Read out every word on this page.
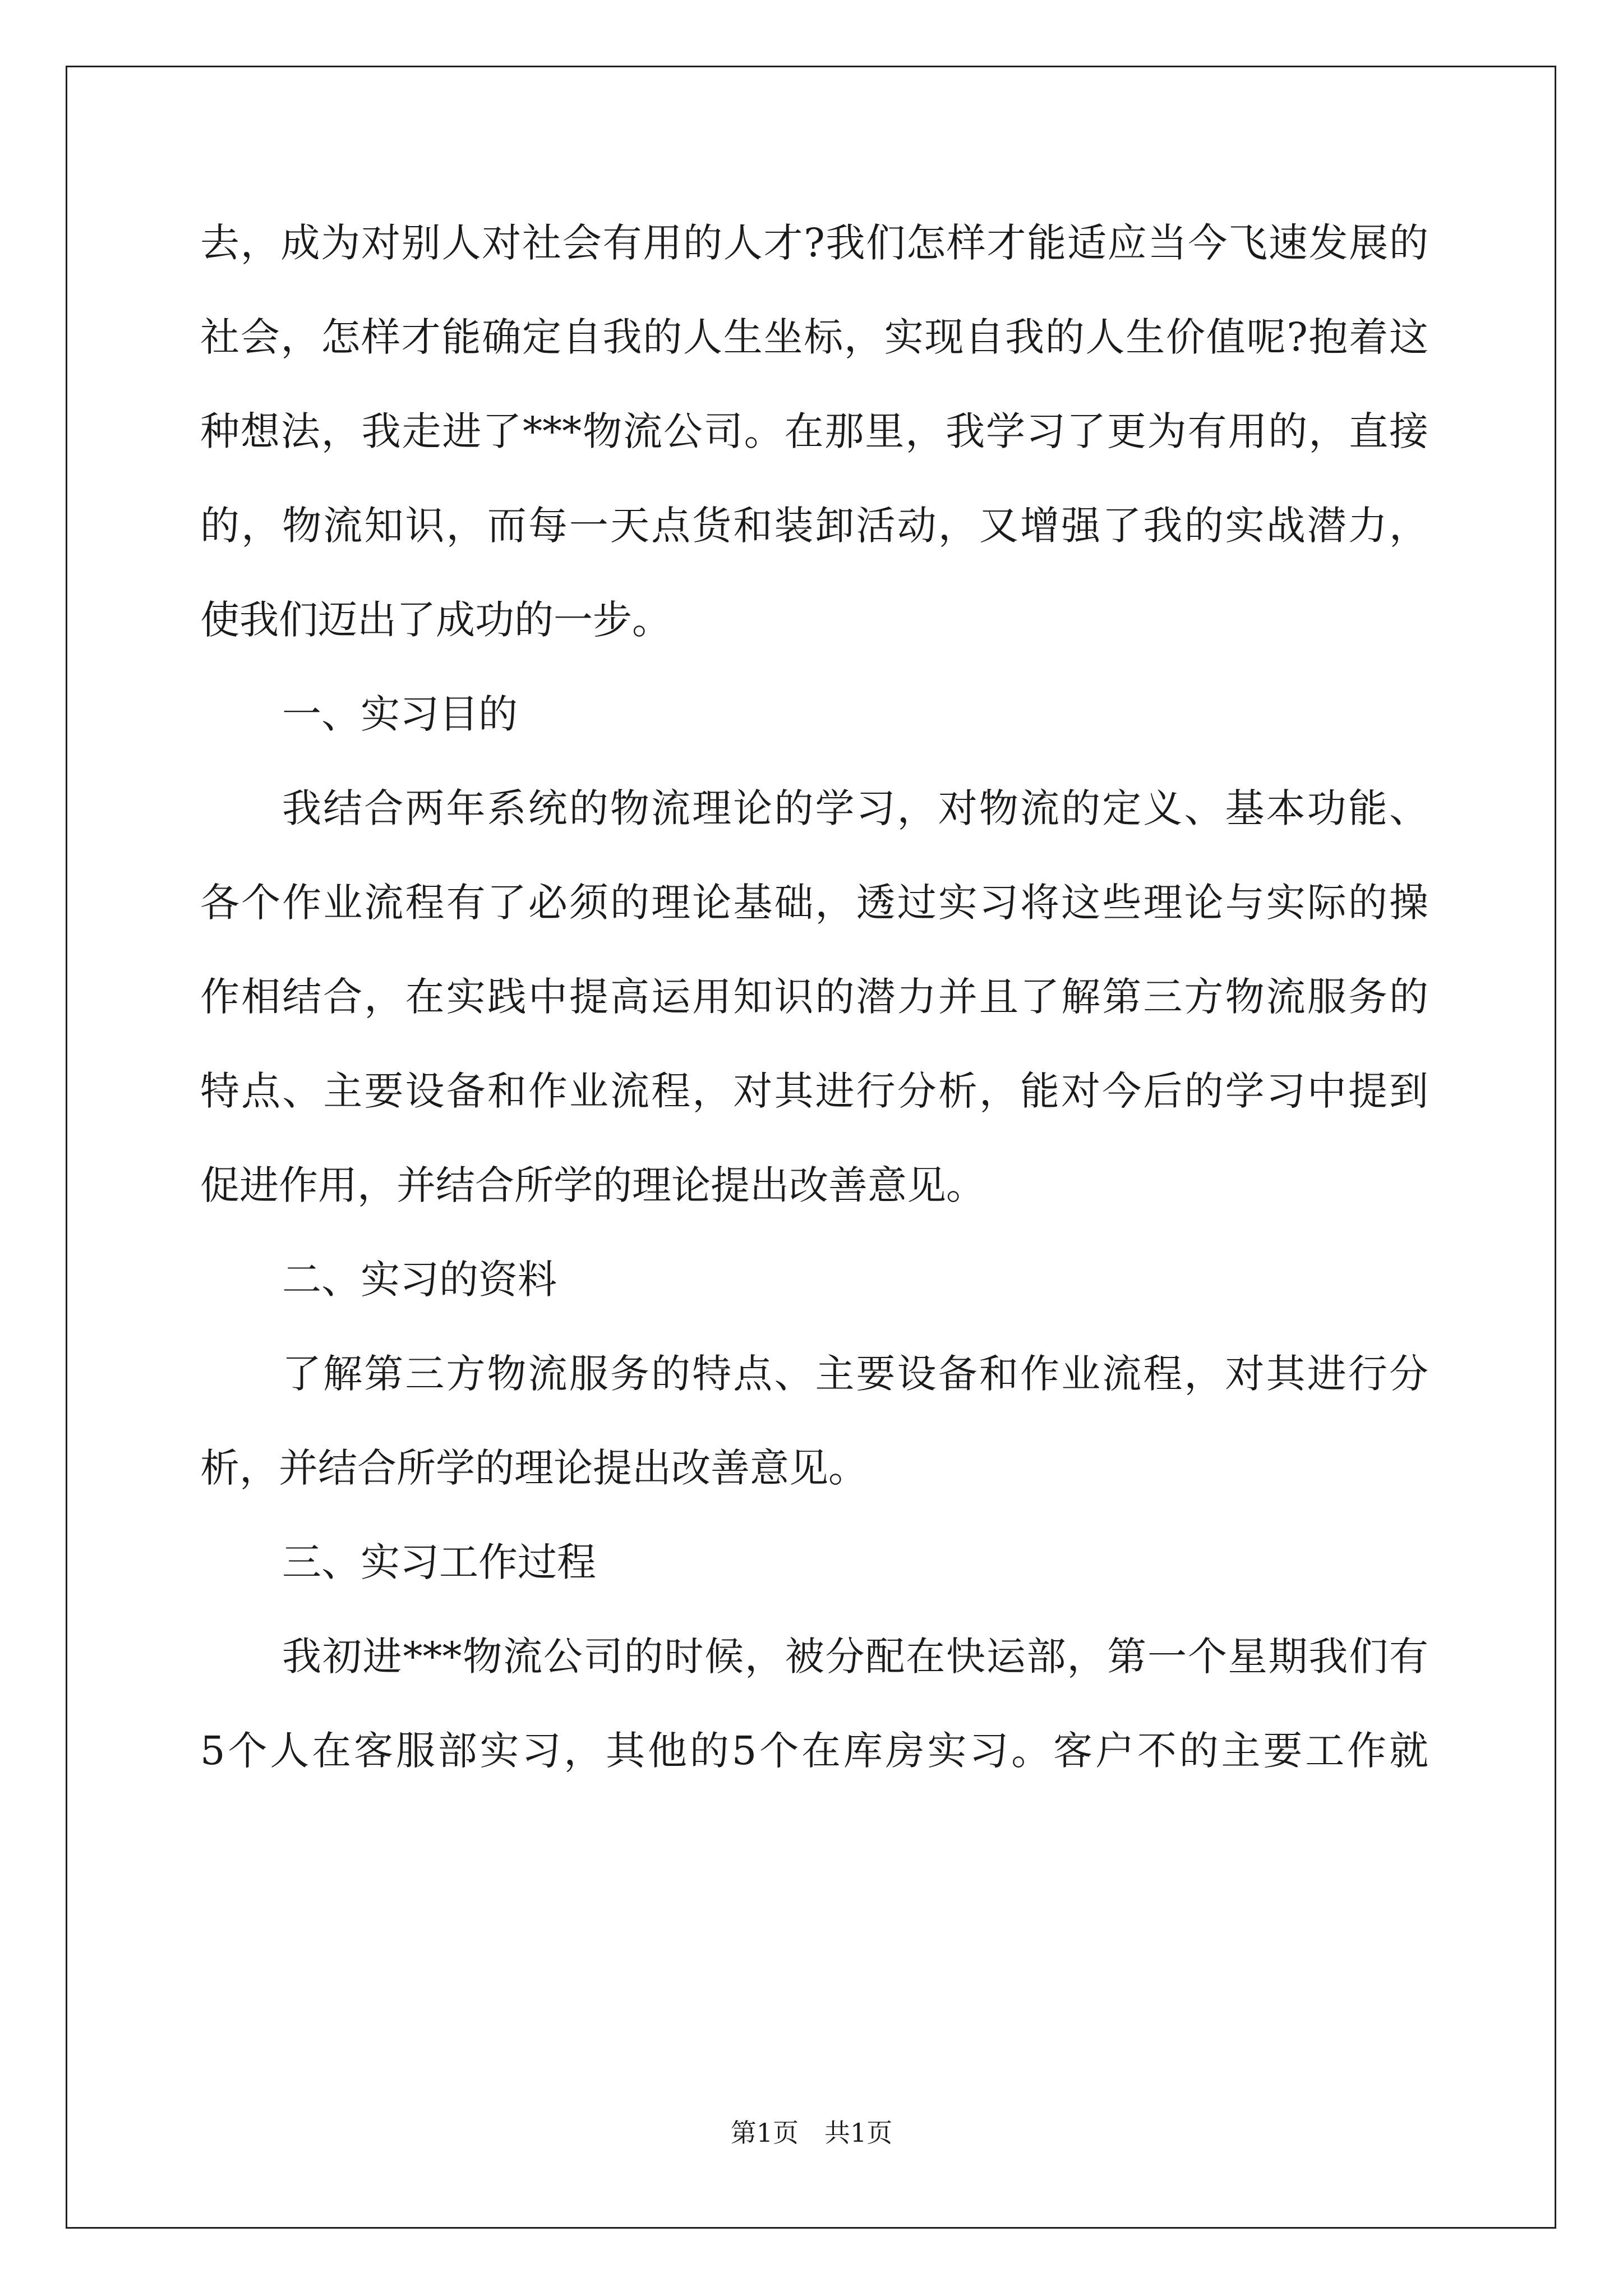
去，成为对别人对社会有用的人才?我们怎样才能适应当今飞速发展的
社会，怎样才能确定自我的人生坐标，实现自我的人生价值呢?抱着这
种想法，我走进了***物流公司。在那里，我学习了更为有用的，直接
的，物流知识，而每一天点货和装卸活动，又增强了我的实战潜力，
使我们迈出了成功的一步。
一、实习目的
我结合两年系统的物流理论的学习，对物流的定义、基本功能、
各个作业流程有了必须的理论基础，透过实习将这些理论与实际的操
作相结合，在实践中提高运用知识的潜力并且了解第三方物流服务的
特点、主要设备和作业流程，对其进行分析，能对今后的学习中提到
促进作用，并结合所学的理论提出改善意见。
二、实习的资料
了解第三方物流服务的特点、主要设备和作业流程，对其进行分
析，并结合所学的理论提出改善意见。
三、实习工作过程
我初进***物流公司的时候，被分配在快运部，第一个星期我们有
5个人在客服部实习，其他的5个在库房实习。客户不的主要工作就
第1页　共1页
